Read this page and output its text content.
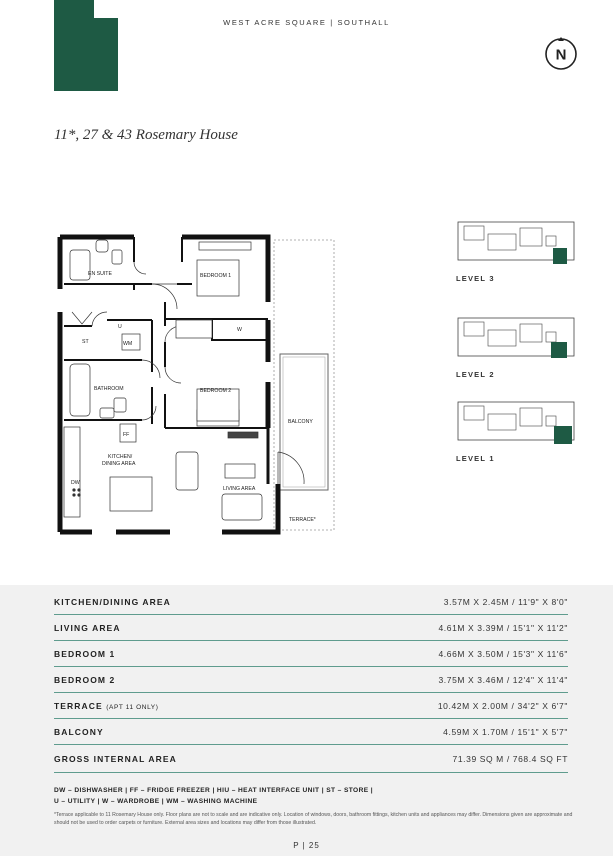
WEST ACRE SQUARE | SOUTHALL
N
11*, 27 & 43 Rosemary House
EN SUITE	BEDROOM 1
U
WM
ST
W
BATHROOM	BEDROOM 2
BALCONY
FF
KITCHEN/
DINING AREA
DW
LIVING AREA
TERRACE*
LEVEL 3
LEVEL 2
LEVEL 1
KITCHEN/DINING AREA	3.57M X 2.45M / 11'9" X 8'0"
LIVING AREA	4.61M X 3.39M / 15'1" X 11'2"
BEDROOM 1	4.66M X 3.50M / 15'3" X 11'6"
BEDROOM 2	3.75M X 3.46M / 12'4" X 11'4"
TERRACE (APT 11 ONLY)	10.42M X 2.00M / 34'2" X 6'7"
BALCONY	4.59M X 1.70M / 15'1" X 5'7"
GROSS INTERNAL AREA	71.39 SQ M / 768.4 SQ FT
DW – DISHWASHER | FF – FRIDGE FREEZER | HIU – HEAT INTERFACE UNIT | ST – STORE |
U – UTILITY | W – WARDROBE | WM – WASHING MACHINE
*Terrace applicable to 11 Rosemary House only. Floor plans are not to scale and are indicative only. Location of windows, doors, bathroom fittings, kitchen units and appliances may differ. Dimensions given are approximate and should not be used to order carpets or furniture. External area sizes and locations may differ from those illustrated.
P | 25
